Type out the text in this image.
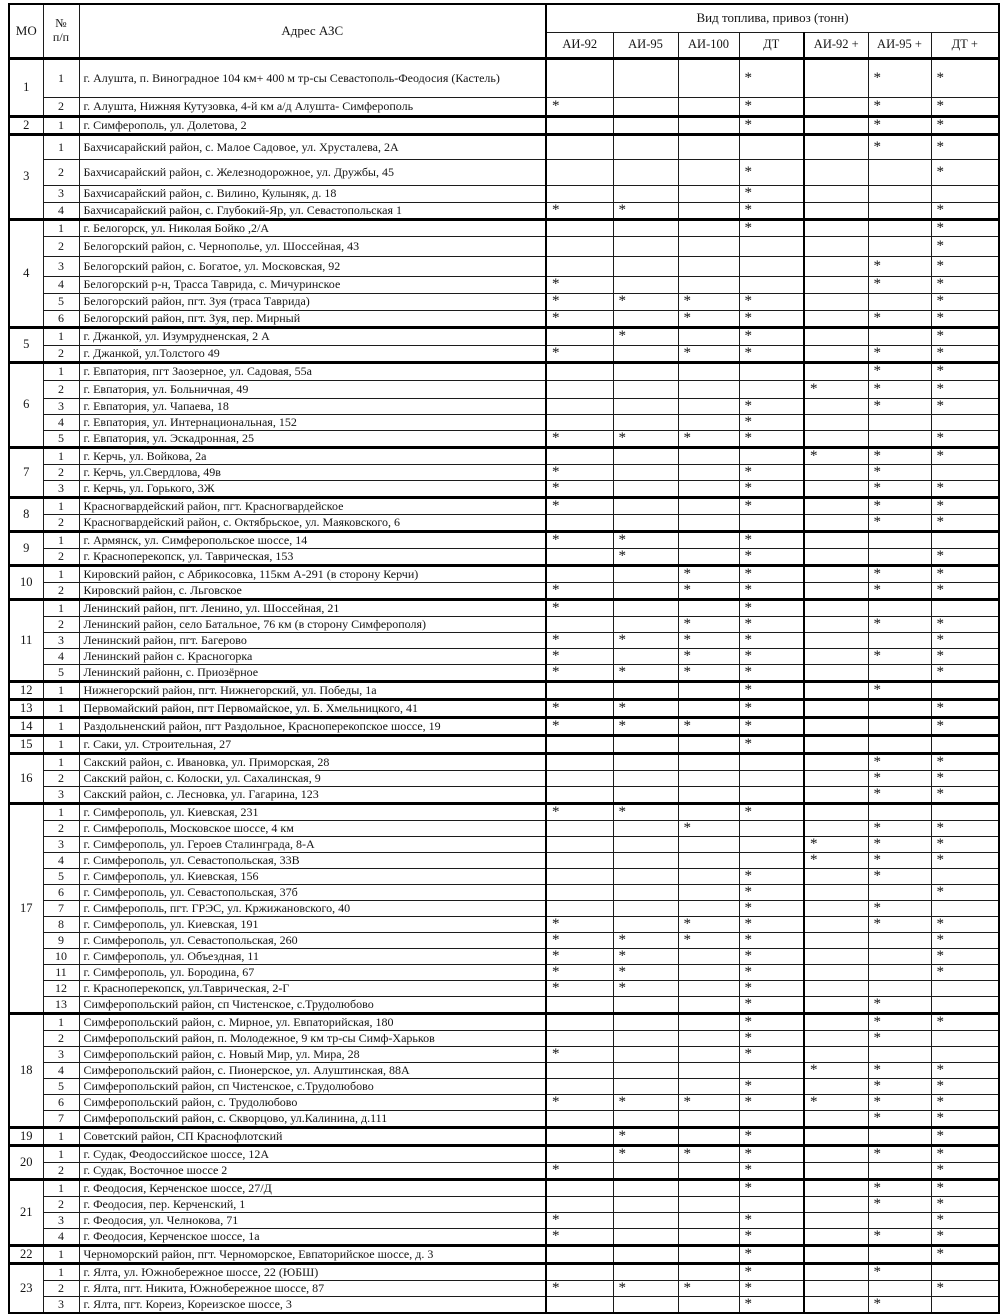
МО	№
п/п	Адрес АЗС	Вид топлива, привоз (тонн)						
			АИ-92	АИ-95	АИ-100	ДТ	АИ-92 +	АИ-95 +	ДТ +
1	1	г. Алушта, п. Виноградное 104 км+ 400 м тр-сы Севастополь-Феодосия (Кастель)				*		*	*
	2	г. Алушта, Нижняя Кутузовка, 4-й км а/д Алушта- Симферополь	*			*		*	*
2	1	г. Симферополь, ул. Долетова, 2				*		*	*
3	1	Бахчисарайский район, с. Малое Садовое, ул. Хрусталева, 2А						*	*
	2	Бахчисарайский район, с. Железнодорожное, ул. Дружбы, 45				*			*
	3	Бахчисарайский район, с. Вилино, Кулыняк, д. 18				*			
	4	Бахчисарайский район, с. Глубокий-Яр, ул. Севастопольская 1	*	*		*			*
4	1	г. Белогорск, ул. Николая Бойко ,2/А				*			*
	2	Белогорский район, с. Чернополье, ул. Шоссейная, 43							*
	3	Белогорский район, с. Богатое, ул. Московская, 92						*	*
	4	Белогорский р-н, Трасса Таврида, с. Мичуринское	*					*	*
	5	Белогорский район, пгт. Зуя (траса Таврида)	*	*	*	*			*
	6	Белогорский район, пгт. Зуя, пер. Мирный	*		*	*		*	*
5	1	г. Джанкой, ул. Изумрудненская, 2 А		*		*			*
	2	г. Джанкой, ул.Толстого 49	*		*	*		*	*
6	1	г. Евпатория, пгт Заозерное, ул. Садовая, 55а						*	*
	2	г. Евпатория, ул. Больничная, 49					*	*	*
	3	г. Евпатория, ул. Чапаева, 18				*		*	*
	4	г. Евпатория, ул. Интернациональная, 152				*			
	5	г. Евпатория, ул. Эскадронная, 25	*	*	*	*			*
7	1	г. Керчь, ул. Войкова, 2а					*	*	*
	2	г. Керчь, ул.Свердлова, 49в	*			*		*	
	3	г. Керчь, ул. Горького, 3Ж	*			*		*	*
8	1	Красногвардейский район, пгт. Красногвардейское	*			*		*	*
	2	Красногвардейский район, с. Октябрьское, ул. Маяковского, 6						*	*
9	1	г. Армянск, ул. Симферопольское шоссе, 14	*	*		*			
	2	г. Красноперекопск, ул. Таврическая, 153		*		*			*
10	1	Кировский район, с Абрикосовка, 115км А-291 (в сторону Керчи)			*	*		*	*
	2	Кировский район, с. Льговское	*		*	*		*	*
11	1	Ленинский район, пгт. Ленино, ул. Шоссейная, 21	*			*			
	2	Ленинский район, село Батальное, 76 км (в сторону Симферополя)			*	*		*	*
	3	Ленинский район, пгт. Багерово	*	*	*	*			*
	4	Ленинский район с. Красногорка	*		*	*		*	*
	5	Ленинский районн, с. Приозёрное	*	*	*	*			*
12	1	Нижнегорский район, пгт. Нижнегорский, ул. Победы, 1а				*		*	
13	1	Первомайский район, пгт Первомайское, ул. Б. Хмельницкого, 41	*	*		*			*
14	1	Раздольненский район, пгт Раздольное, Красноперекопское шоссе, 19	*	*	*	*			*
15	1	г. Саки, ул. Строительная, 27				*			
16	1	Сакский район, с. Ивановка, ул. Приморская, 28						*	*
	2	Сакский район, с. Колоски, ул. Сахалинская, 9						*	*
	3	Сакский район, с. Лесновка, ул. Гагарина, 123						*	*
17	1	г. Симферополь, ул. Киевская, 231	*	*		*			
	2	г. Симферополь, Московское шоссе, 4 км			*			*	*
	3	г. Симферополь, ул. Героев Сталинграда, 8-А					*	*	*
	4	г. Симферополь, ул. Севастопольская, 33В					*	*	*
	5	г. Симферополь, ул. Киевская, 156				*		*	
	6	г. Симферополь, ул. Севастопольская, 37б				*			*
	7	г. Симферополь, пгт. ГРЭС, ул. Кржижановского, 40				*		*	
	8	г. Симферополь, ул. Киевская, 191	*		*	*		*	*
	9	г. Симферополь, ул. Севастопольская, 260	*	*	*	*			*
	10	г. Симферополь, ул. Объездная, 11	*	*		*			*
	11	г. Симферополь, ул. Бородина, 67	*	*		*			*
	12	г. Красноперекопск, ул.Таврическая, 2-Г	*	*		*			
	13	Симферопольский район, сп Чистенское, с.Трудолюбово				*		*	
18	1	Симферопольский район, с. Мирное, ул. Евпаторийская, 180				*		*	*
	2	Симферопольский район, п. Молодежное, 9 км тр-сы Симф-Харьков				*		*	
	3	Симферопольский район, с. Новый Мир, ул. Мира, 28	*			*			
	4	Симферопольский район, с. Пионерское, ул. Алуштинская, 88А					*	*	*
	5	Симферопольский район, сп Чистенское, с.Трудолюбово				*		*	*
	6	Симферопольский район, с. Трудолюбово	*	*	*	*	*	*	*
	7	Симферопольский район, с. Скворцово, ул.Калинина, д.111						*	*
19	1	Советский район, СП Краснофлотский		*		*			*
20	1	г. Судак, Феодоссийское шоссе, 12А		*	*	*		*	*
	2	г. Судак, Восточное шоссе 2	*			*			*
21	1	г. Феодосия, Керченское шоссе, 27/Д				*		*	*
	2	г. Феодосия, пер. Керченский, 1						*	*
	3	г. Феодосия, ул. Челнокова, 71	*			*			*
	4	г. Феодосия, Керченское шоссе, 1а	*			*		*	*
22	1	Черноморский район, пгт. Черноморское, Евпаторийское шоссе, д. 3				*			*
23	1	г. Ялта, ул. Южнобережное шоссе, 22 (ЮБШ)				*		*	
	2	г. Ялта, пгт. Никита, Южнобережное шоссе, 87	*	*	*	*			*
	3	г. Ялта, пгт. Кореиз, Кореизское шоссе, 3				*		*	
